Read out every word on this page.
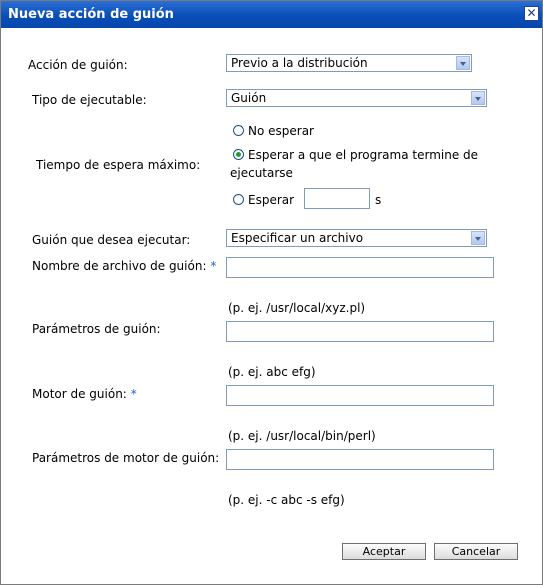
Nueva acción de guión	✕
Acción de guión:	Previo a la distribución
Tipo de ejecutable:	Guión
Tiempo de espera máximo:
No esperar
Esperar a que el programa termine de
ejecutarse
Esperar	s
Guión que desea ejecutar:	Especificar un archivo
Nombre de archivo de guión: *
(p. ej. /usr/local/xyz.pl)
Parámetros de guión:
(p. ej. abc efg)
Motor de guión: *
(p. ej. /usr/local/bin/perl)
Parámetros de motor de guión:
(p. ej. -c abc -s efg)
Aceptar	Cancelar
